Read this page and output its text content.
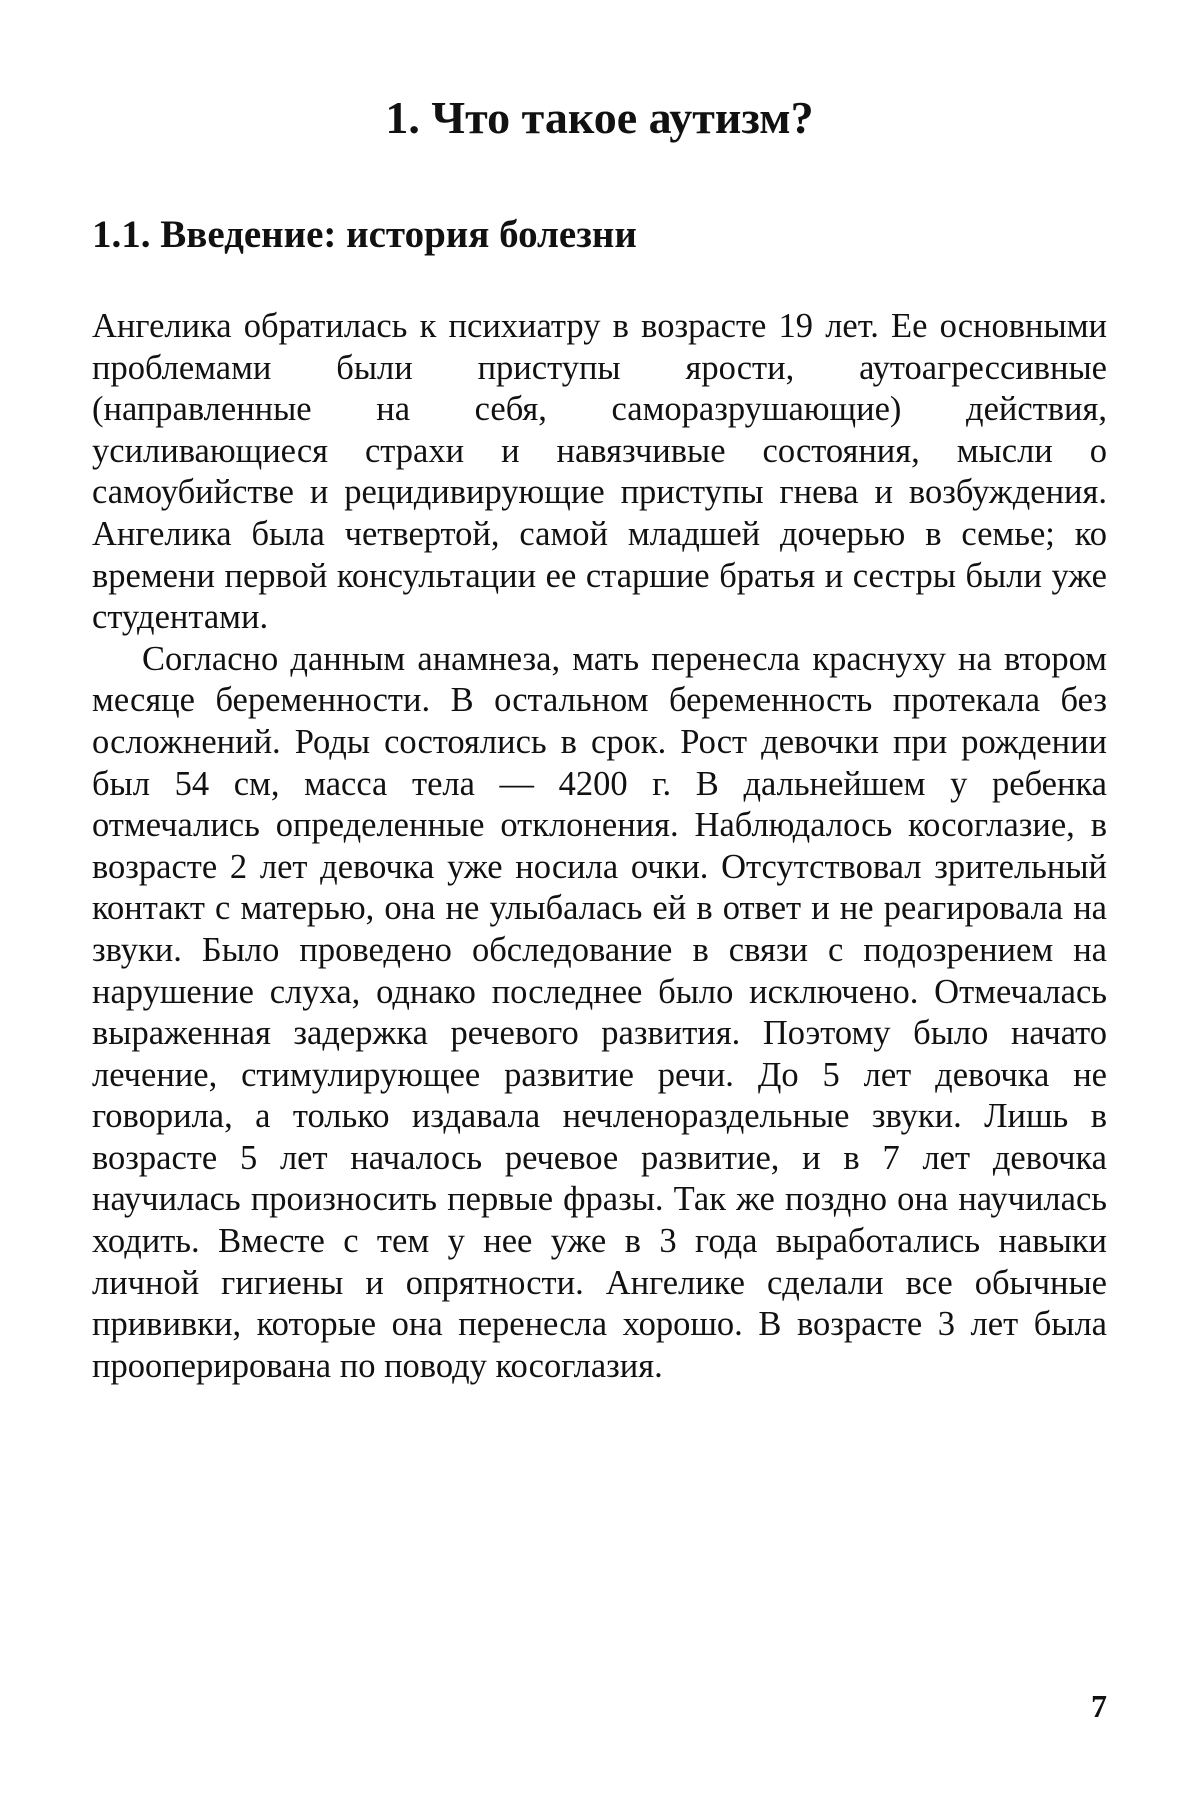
1. Что такое аутизм?
1.1. Введение: история болезни

Ангелика обратилась к психиатру в возрасте 19 лет. Ее основными проблемами были приступы ярости, аутоагрессивные (направленные на себя, саморазрушающие) действия, усиливающиеся страхи и навязчивые состояния, мысли о самоубийстве и рецидивирующие приступы гнева и возбуждения. Ангелика была четвертой, самой младшей дочерью в семье; ко времени первой консультации ее старшие братья и сестры были уже студентами.

Согласно данным анамнеза, мать перенесла краснуху на втором месяце беременности. В остальном беременность протекала без осложнений. Роды состоялись в срок. Рост девочки при рождении был 54 см, масса тела — 4200 г. В дальнейшем у ребенка отмечались определенные отклонения. Наблюдалось косоглазие, в возрасте 2 лет девочка уже носила очки. Отсутствовал зрительный контакт с матерью, она не улыбалась ей в ответ и не реагировала на звуки. Было проведено обследование в связи с подозрением на нарушение слуха, однако последнее было исключено. Отмечалась выраженная задержка речевого развития. Поэтому было начато лечение, стимулирующее развитие речи. До 5 лет девочка не говорила, а только издавала нечленораздельные звуки. Лишь в возрасте 5 лет началось речевое развитие, и в 7 лет девочка научилась произносить первые фразы. Так же поздно она научилась ходить. Вместе с тем у нее уже в 3 года выработались навыки личной гигиены и опрятности. Ангелике сделали все обычные прививки, которые она перенесла хорошо. В возрасте 3 лет была прооперирована по поводу косоглазия.

7
